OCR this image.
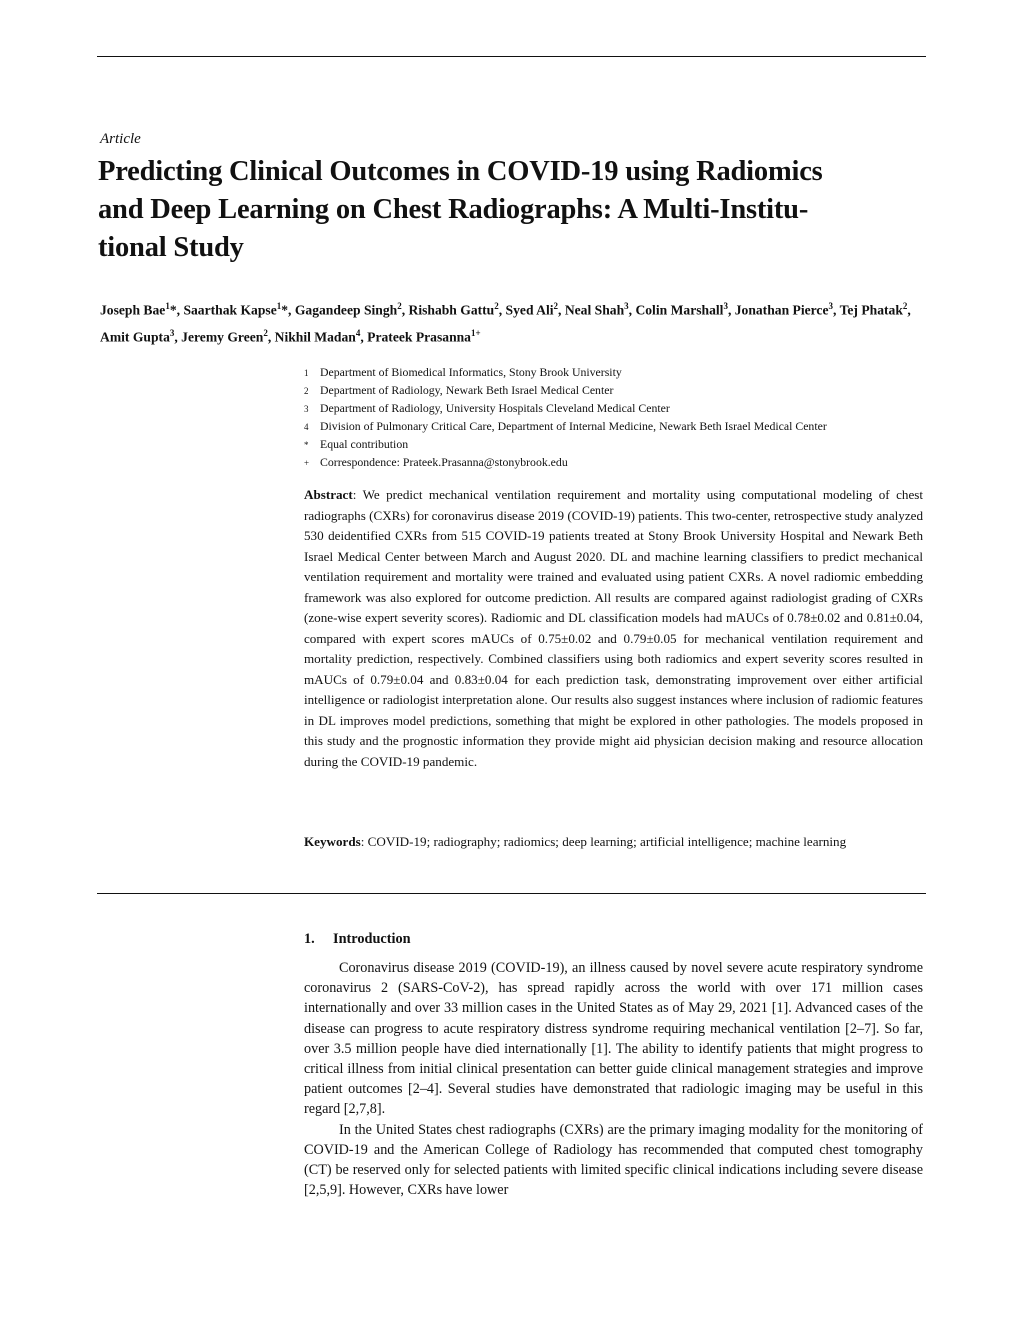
Article
Predicting Clinical Outcomes in COVID-19 using Radiomics
and Deep Learning on Chest Radiographs: A Multi-Institu-
tional Study
Joseph Bae$^1$*, Saarthak Kapse$^1$*, Gagandeep Singh$^2$, Rishabh Gattu$^2$, Syed Ali$^2$, Neal Shah$^3$, Colin Marshall$^3$, Jonathan Pierce$^3$, Tej Phatak$^2$, Amit Gupta$^3$, Jeremy Green$^2$, Nikhil Madan$^4$, Prateek Prasanna$^{1+}$
1 Department of Biomedical Informatics, Stony Brook University
2 Department of Radiology, Newark Beth Israel Medical Center
3 Department of Radiology, University Hospitals Cleveland Medical Center
4 Division of Pulmonary Critical Care, Department of Internal Medicine, Newark Beth Israel Medical Center
* Equal contribution
+ Correspondence: Prateek.Prasanna@stonybrook.edu

Abstract: We predict mechanical ventilation requirement and mortality using computational modeling of chest radiographs (CXRs) for coronavirus disease 2019 (COVID-19) patients. This two-center, retrospective study analyzed 530 deidentified CXRs from 515 COVID-19 patients treated at Stony Brook University Hospital and Newark Beth Israel Medical Center between March and August 2020. DL and machine learning classifiers to predict mechanical ventilation requirement and mortality were trained and evaluated using patient CXRs. A novel radiomic embedding framework was also explored for outcome prediction. All results are compared against radiologist grading of CXRs (zone-wise expert severity scores). Radiomic and DL classification models had mAUCs of 0.78±0.02 and 0.81±0.04, compared with expert scores mAUCs of 0.75±0.02 and 0.79±0.05 for mechanical ventilation requirement and mortality prediction, respectively. Combined classifiers using both radiomics and expert severity scores resulted in mAUCs of 0.79±0.04 and 0.83±0.04 for each prediction task, demonstrating improvement over either artificial intelligence or radiologist interpretation alone. Our results also suggest instances where inclusion of radiomic features in DL improves model predictions, something that might be explored in other pathologies. The models proposed in this study and the prognostic information they provide might aid physician decision making and resource allocation during the COVID-19 pandemic.

Keywords: COVID-19; radiography; radiomics; deep learning; artificial intelligence; machine learning

1. Introduction

Coronavirus disease 2019 (COVID-19), an illness caused by novel severe acute respiratory syndrome coronavirus 2 (SARS-CoV-2), has spread rapidly across the world with over 171 million cases internationally and over 33 million cases in the United States as of May 29, 2021 [1]. Advanced cases of the disease can progress to acute respiratory distress syndrome requiring mechanical ventilation [2–7]. So far, over 3.5 million people have died internationally [1]. The ability to identify patients that might progress to critical illness from initial clinical presentation can better guide clinical management strategies and improve patient outcomes [2–4]. Several studies have demonstrated that radiologic imaging may be useful in this regard [2,7,8].

In the United States chest radiographs (CXRs) are the primary imaging modality for the monitoring of COVID-19 and the American College of Radiology has recommended that computed chest tomography (CT) be reserved only for selected patients with limited specific clinical indications including severe disease [2,5,9]. However, CXRs have lower
